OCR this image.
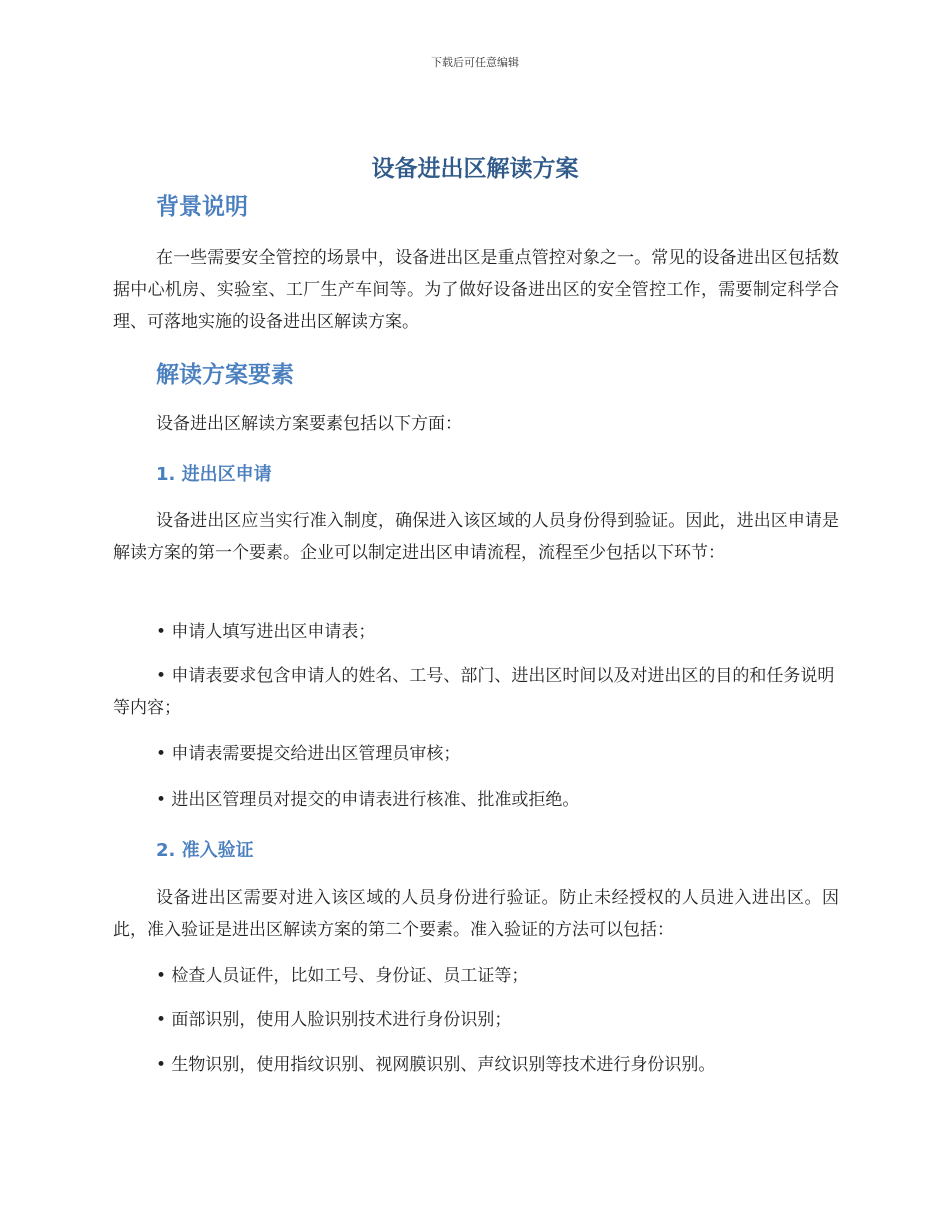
下载后可任意编辑
设备进出区解读方案
背景说明

在一些需要安全管控的场景中，设备进出区是重点管控对象之一。常见的设备进出区包括数据中心机房、实验室、工厂生产车间等。为了做好设备进出区的安全管控工作，需要制定科学合理、可落地实施的设备进出区解读方案。

解读方案要素

设备进出区解读方案要素包括以下方面：

1. 进出区申请

设备进出区应当实行准入制度，确保进入该区域的人员身份得到验证。因此，进出区申请是解读方案的第一个要素。企业可以制定进出区申请流程，流程至少包括以下环节：

• 申请人填写进出区申请表；

• 申请表要求包含申请人的姓名、工号、部门、进出区时间以及对进出区的目的和任务说明等内容；

• 申请表需要提交给进出区管理员审核；

• 进出区管理员对提交的申请表进行核准、批准或拒绝。

2. 准入验证

设备进出区需要对进入该区域的人员身份进行验证。防止未经授权的人员进入进出区。因此，准入验证是进出区解读方案的第二个要素。准入验证的方法可以包括：

• 检查人员证件，比如工号、身份证、员工证等；

• 面部识别，使用人脸识别技术进行身份识别；

• 生物识别，使用指纹识别、视网膜识别、声纹识别等技术进行身份识别。
